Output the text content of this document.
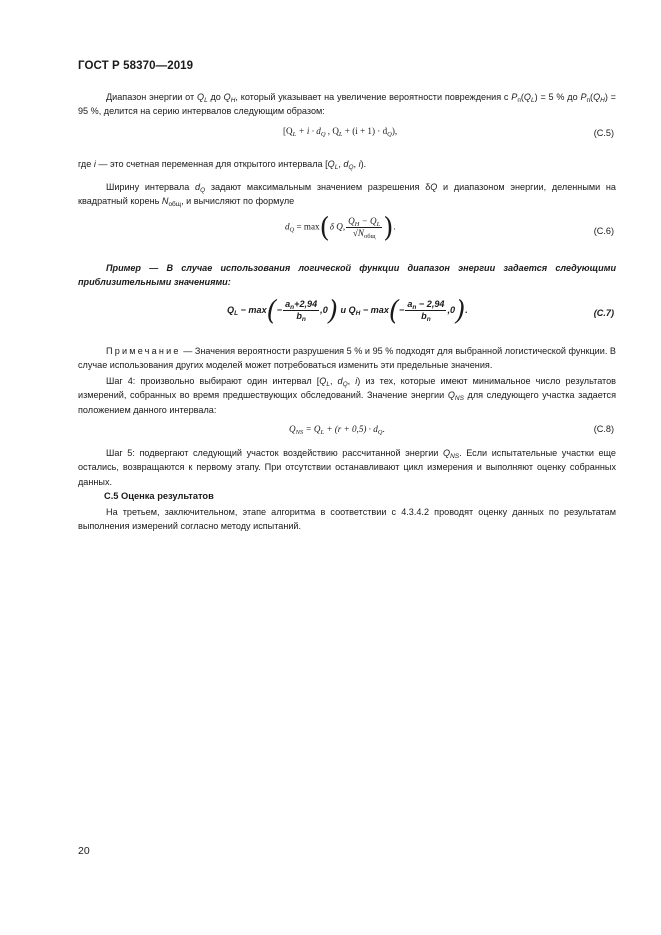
ГОСТ Р 58370—2019
Диапазон энергии от $Q_L$ до $Q_H$, который указывает на увеличение вероятности повреждения с $P_п(Q_L) = 5$ % до $P_п(Q_H) = 95$ %, делится на серию интервалов следующим образом:
[$Q_L + i \cdot d_Q$ , $Q_L + (i + 1) \cdot d_Q$),	(C.5)
где i — это счетная переменная для открытого интервала [$Q_L$, $d_Q$, i).
Ширину интервала $d_Q$ задают максимальным значением разрешения δQ и диапазоном энергии, деленными на квадратный корень $N_{общ}$, и вычисляют по формуле
$d_Q = \max(\delta$ Q, $\frac{Q_H - Q_L}{√N_{общ}}$ ).	(C.6)
Пример — В случае использования логической функции диапазон энергии задается следующими приблизительными значениями:
$Q_L - \max(- \frac{a_n+2,94}{b_n} ,0)$ и $Q_H - \max(- \frac{a_n - 2,94}{b_n} ,0)$.	(C.7)
Примечание — Значения вероятности разрушения 5 % и 95 % подходят для выбранной логистической функции. В случае использования других моделей может потребоваться изменить эти предельные значения.
Шаг 4: произвольно выбирают один интервал [$Q_L$, $d_Q$, i) из тех, которые имеют минимальное число результатов измерений, собранных во время предшествующих обследований. Значение энергии $Q_{NS}$ для следующего участка задается положением данного интервала:
$Q_{NS} = Q_L + (r + 0,5) \cdot d_Q$.	(C.8)
Шаг 5: подвергают следующий участок воздействию рассчитанной энергии $Q_{NS}$. Если испытательные участки еще остались, возвращаются к первому этапу. При отсутствии останавливают цикл измерения и выполняют оценку собранных данных.
С.5 Оценка результатов
На третьем, заключительном, этапе алгоритма в соответствии с 4.3.4.2 проводят оценку данных по результатам выполнения измерений согласно методу испытаний.
20
